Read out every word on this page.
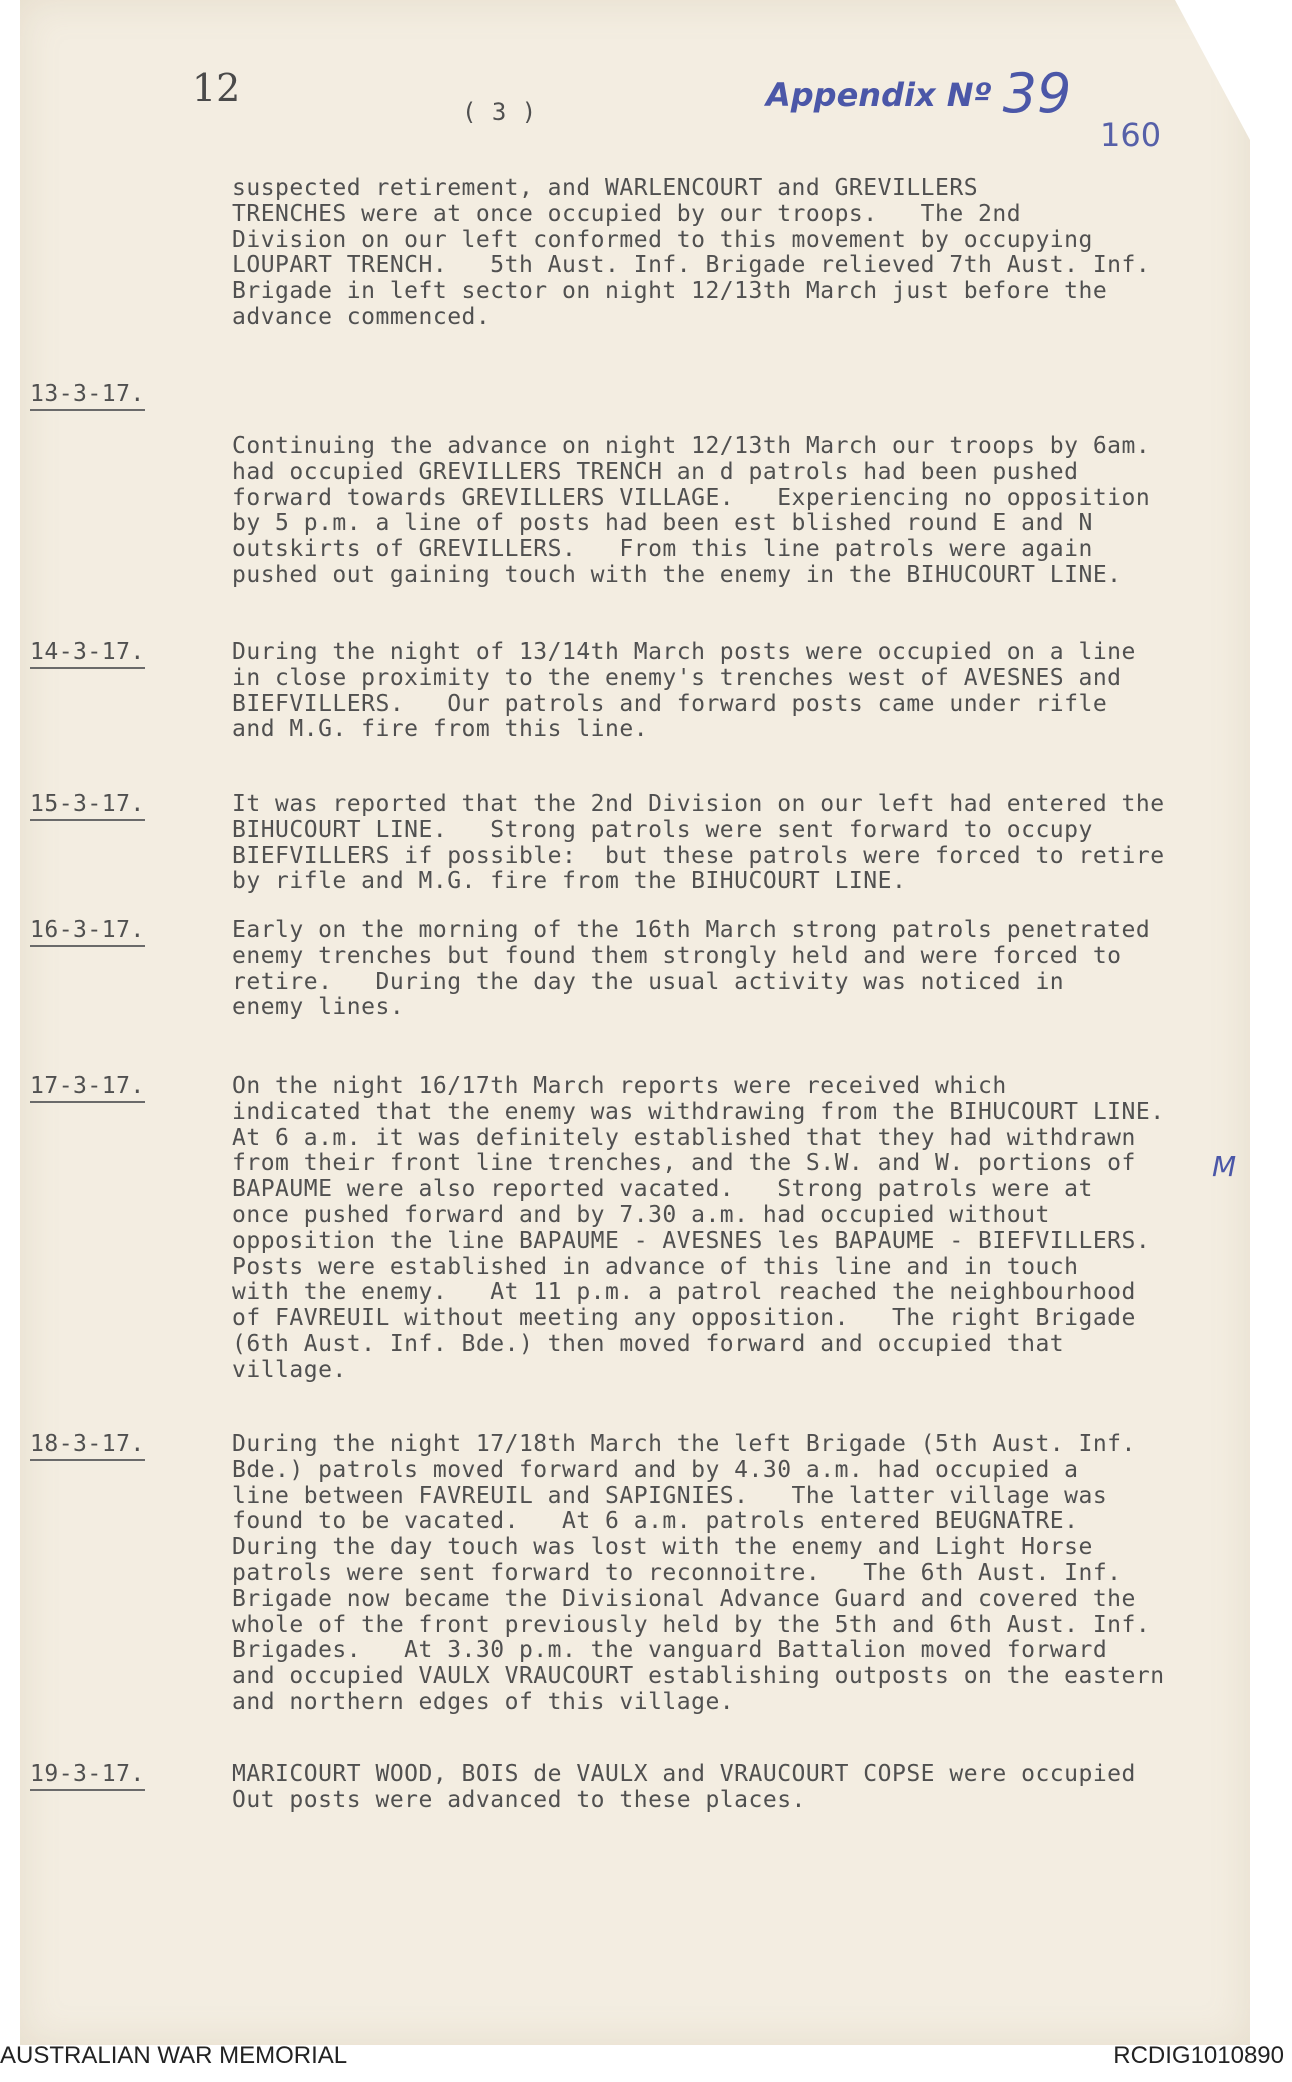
12
( 3 )	Appendix Nº 39
160
suspected retirement, and WARLENCOURT and GREVILLERS
TRENCHES were at once occupied by our troops.   The 2nd
Division on our left conformed to this movement by occupying
LOUPART TRENCH.   5th Aust. Inf. Brigade relieved 7th Aust. Inf.
Brigade in left sector on night 12/13th March just before the
advance commenced.
13-3-17.
Continuing the advance on night 12/13th March our troops by 6am.
had occupied GREVILLERS TRENCH an d patrols had been pushed
forward towards GREVILLERS VILLAGE.   Experiencing no opposition
by 5 p.m. a line of posts had been est blished round E and N
outskirts of GREVILLERS.   From this line patrols were again
pushed out gaining touch with the enemy in the BIHUCOURT LINE.
14-3-17.	During the night of 13/14th March posts were occupied on a line
in close proximity to the enemy's trenches west of AVESNES and
BIEFVILLERS.   Our patrols and forward posts came under rifle
and M.G. fire from this line.
15-3-17.	It was reported that the 2nd Division on our left had entered the
BIHUCOURT LINE.   Strong patrols were sent forward to occupy
BIEFVILLERS if possible:  but these patrols were forced to retire
by rifle and M.G. fire from the BIHUCOURT LINE.
16-3-17.	Early on the morning of the 16th March strong patrols penetrated
enemy trenches but found them strongly held and were forced to
retire.   During the day the usual activity was noticed in
enemy lines.
17-3-17.	On the night 16/17th March reports were received which
indicated that the enemy was withdrawing from the BIHUCOURT LINE.
At 6 a.m. it was definitely established that they had withdrawn
from their front line trenches, and the S.W. and W. portions of
BAPAUME were also reported vacated.   Strong patrols were at
once pushed forward and by 7.30 a.m. had occupied without
opposition the line BAPAUME - AVESNES les BAPAUME - BIEFVILLERS.
Posts were established in advance of this line and in touch
with the enemy.   At 11 p.m. a patrol reached the neighbourhood
of FAVREUIL without meeting any opposition.   The right Brigade
(6th Aust. Inf. Bde.) then moved forward and occupied that
village.
M
18-3-17.	During the night 17/18th March the left Brigade (5th Aust. Inf.
Bde.) patrols moved forward and by 4.30 a.m. had occupied a
line between FAVREUIL and SAPIGNIES.   The latter village was
found to be vacated.   At 6 a.m. patrols entered BEUGNATRE.
During the day touch was lost with the enemy and Light Horse
patrols were sent forward to reconnoitre.   The 6th Aust. Inf.
Brigade now became the Divisional Advance Guard and covered the
whole of the front previously held by the 5th and 6th Aust. Inf.
Brigades.   At 3.30 p.m. the vanguard Battalion moved forward
and occupied VAULX VRAUCOURT establishing outposts on the eastern
and northern edges of this village.
19-3-17.	MARICOURT WOOD, BOIS de VAULX and VRAUCOURT COPSE were occupied
Out posts were advanced to these places.
AUSTRALIAN WAR MEMORIAL	RCDIG1010890
